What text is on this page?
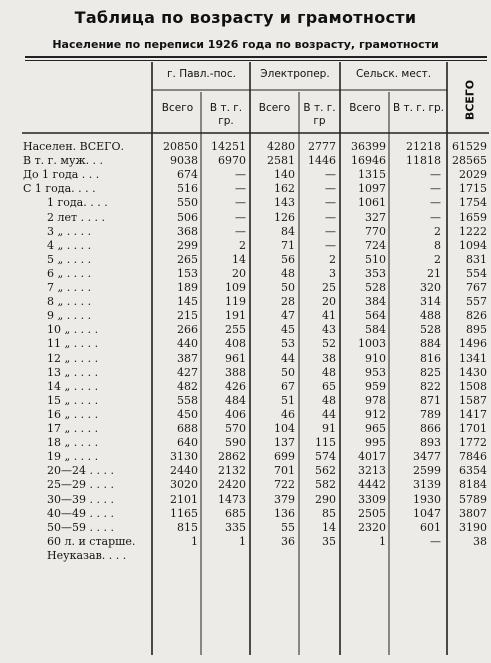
Таблица по возрасту и грамотности
Население по переписи 1926 года по возрасту, грамотности
г. Павл.-пос.	Электропер.	Сельск. мест.
Всего	В т. г. гр.
Всего	В т. г. гр
Всего	В т. г. гр. ВСЕГО
Населен. ВСЕГО.	20850 14251 4280 2777 36399 21218 61529
В т. г. муж. . .	9038 6970 2581 1446 16946 11818 28565
До 1 года . . .	674	—	140	— 1315	— 2029
С 1 года. . . .	516	—	162	— 1097	— 1715
1 года. . . .	550	—	143	— 1061	— 1754
2 лет . . . .	506	—	126	—	327	— 1659
3 „ . . . .	368	—	84	—	770	2 1222
4 „ . . . .	299	2	71	—	724	8 1094
5 „ . . . .	265	14	56	2	510	2 831
6 „ . . . .	153	20	48	3	353	21 554
7 „ . . . .	189 109	50 25	528	320 767
8 „ . . . .	145 119	28 20	384	314 557
9 „ . . . .	215 191	47 41	564	488 826
10 „ . . . .	266 255	45 43	584	528 895
11 „ . . . .	440 408	53 52 1003	884 1496
12 „ . . . .	387 961	44 38	910	816 1341
13 „ . . . .	427 388	50 48	953	825 1430
14 „ . . . .	482 426	67 65	959	822 1508
15 „ . . . .	558 484	51 48	978	871 1587
16 „ . . . .	450 406	46 44	912	789 1417
17 „ . . . .	688 570	104 91	965	866 1701
18 „ . . . .	640 590	137 115	995	893 1772
19 „ . . . .	3130 2862	699 574 4017 3477 7846
20—24 . . . .	2440 2132	701 562 3213 2599 6354
25—29 . . . .	3020 2420	722 582 4442 3139 8184
30—39 . . . .	2101 1473	379 290 3309 1930 5789
40—49 . . . .	1165 685	136 85 2505 1047 3807
50—59 . . . .	815 335	55 14 2320	601 3190
60 л. и старше.	1	1	36 35	1	—	38
Неуказав. . . .
